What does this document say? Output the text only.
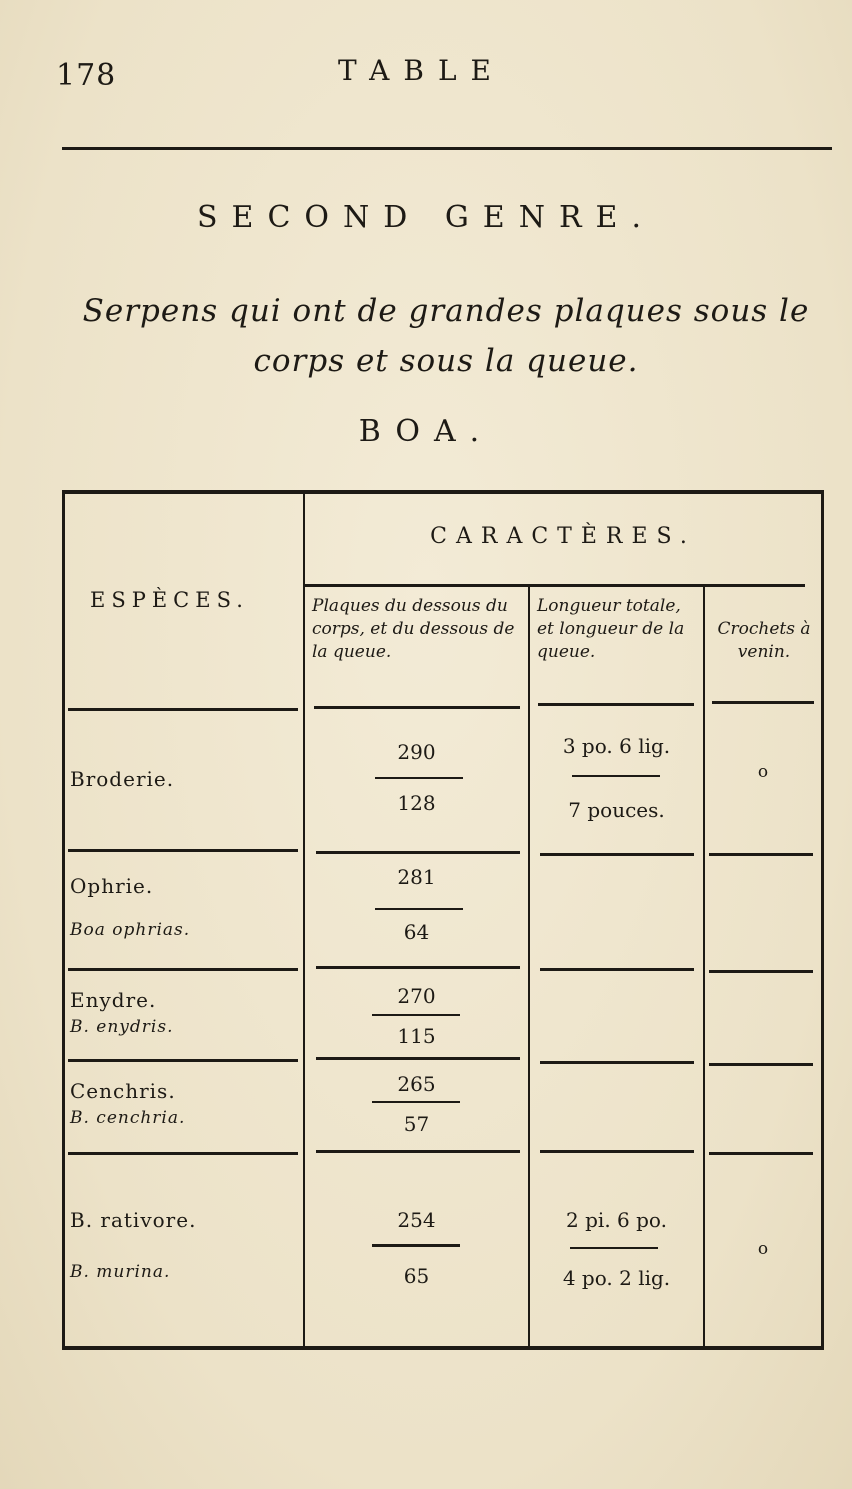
178	TABLE
SECOND GENRE.
Serpens qui ont de grandes plaques sous le corps et sous la queue.
BOA.
CARACTÈRES.
ESPÈCES.	Plaques du dessous du corps, et du dessous de la queue.
Longueur totale, et longueur de la queue.
Crochets à venin.
Broderie.
290
128
3 po. 6 lig.
7 pouces.
o
Ophrie.
Boa ophrias.
281
64
Enydre.
B. enydris.
270
115
Cenchris.
B. cenchria.
265
57
B. rativore.
B. murina.
254
65
2 pi. 6 po.
4 po. 2 lig.
o
